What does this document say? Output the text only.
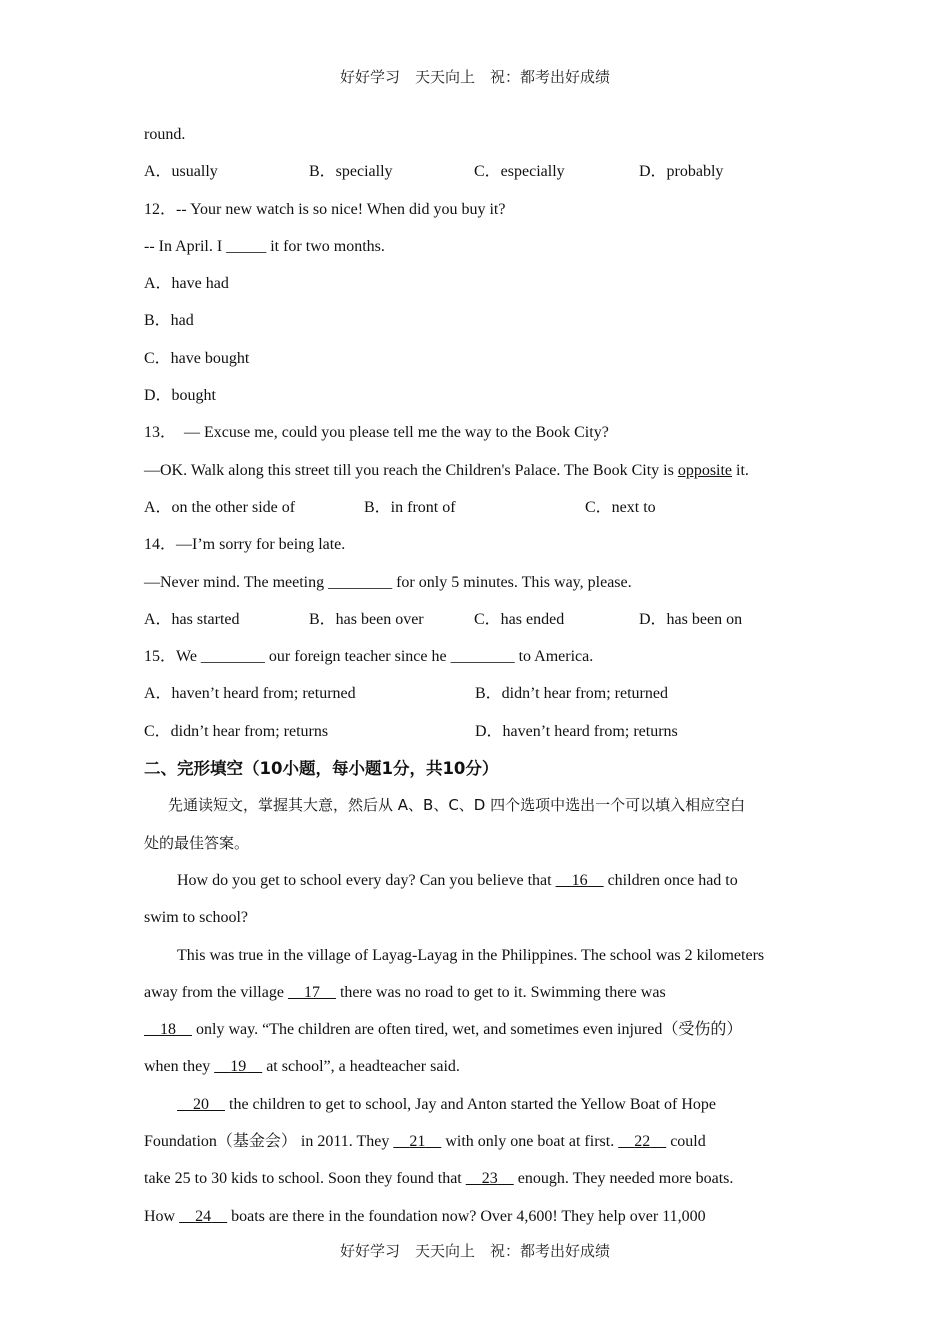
好好学习　天天向上　祝：都考出好成绩
round.
A．usually	B．specially	C．especially	D．probably
12．-- Your new watch is so nice! When did you buy it?
-- In April. I _____ it for two months.
A．have had
B．had
C．have bought
D．bought
13．　— Excuse me, could you please tell me the way to the Book City?
—OK. Walk along this street till you reach the Children's Palace. The Book City is opposite it.
A．on the other side of	B．in front of	C．next to
14．—I’m sorry for being late.
—Never mind. The meeting ________ for only 5 minutes. This way, please.
A．has started	B．has been over	C．has ended	D．has been on
15．We ________ our foreign teacher since he ________ to America.
A．haven’t heard from; returned	B．didn’t hear from; returned
C．didn’t hear from; returns	D．haven’t heard from; returns
二、完形填空（10小题，每小题1分，共10分）
先通读短文，掌握其大意，然后从 A、B、C、D 四个选项中选出一个可以填入相应空白
处的最佳答案。
How do you get to school every day? Can you believe that     16     children once had to
swim to school?
This was true in the village of Layag-Layag in the Philippines. The school was 2 kilometers
away from the village     17     there was no road to get to it. Swimming there was
18     only way. “The children are often tired, wet, and sometimes even injured（受伤的）
when they     19     at school”, a headteacher said.
20     the children to get to school, Jay and Anton started the Yellow Boat of Hope
Foundation（基金会） in 2011. They     21     with only one boat at first.     22     could
take 25 to 30 kids to school. Soon they found that     23     enough. They needed more boats.
How     24     boats are there in the foundation now? Over 4,600! They help over 11,000
好好学习　天天向上　祝：都考出好成绩
